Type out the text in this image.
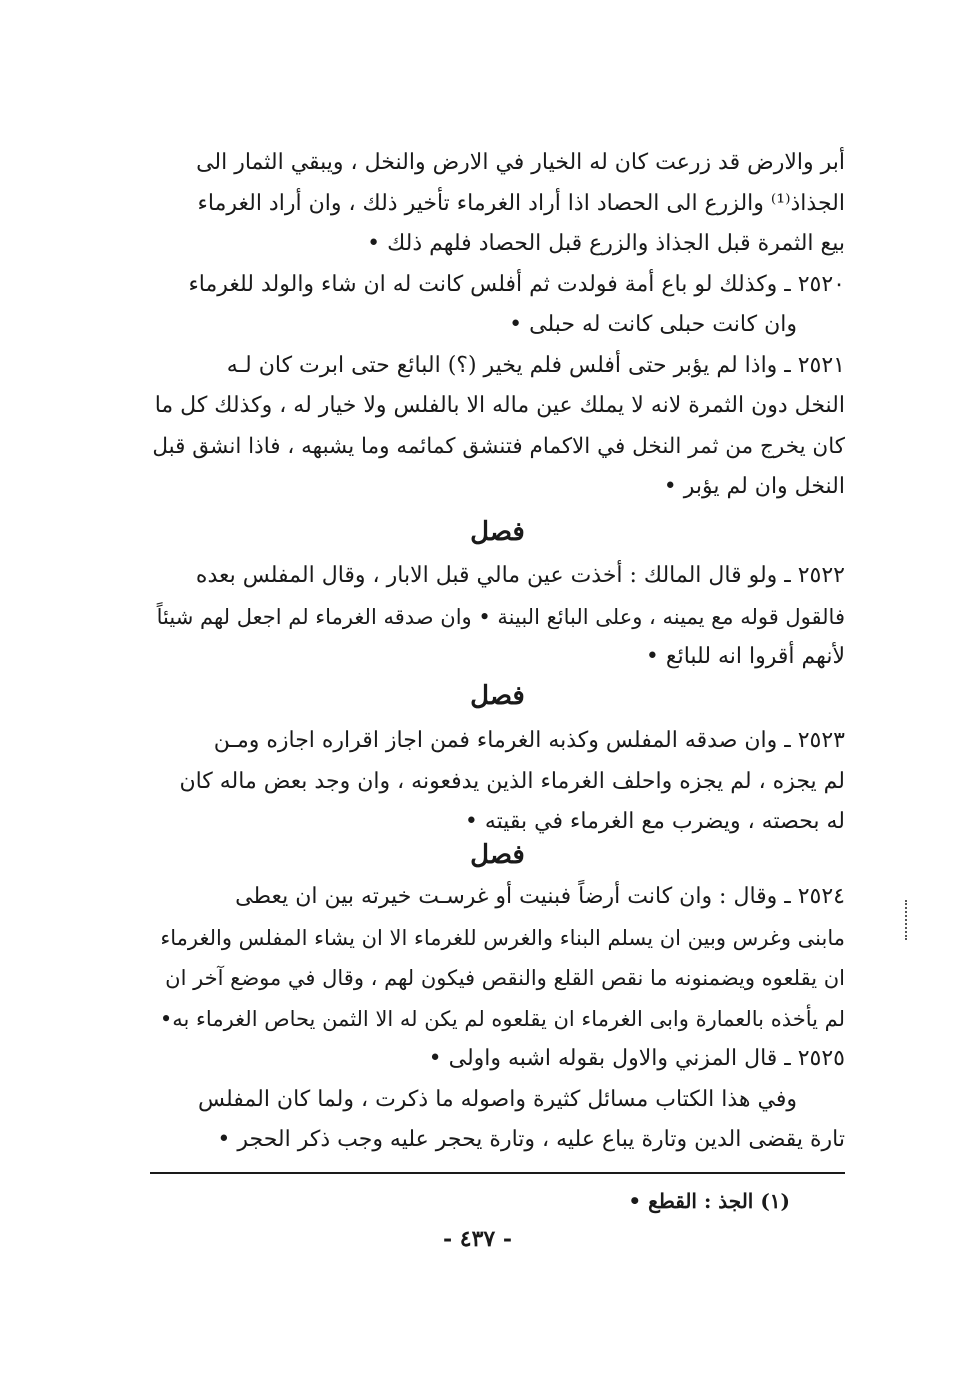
أبر والارض قد زرعت كان له الخيار في الارض والنخل ، ويبقي الثمار الى
الجذاذ⁽¹⁾ والزرع الى الحصاد اذا أراد الغرماء تأخير ذلك ، وان أراد الغرماء
بيع الثمرة قبل الجذاذ والزرع قبل الحصاد فلهم ذلك •
٢٥٢٠ ـ وكذلك لو باع أمة فولدت ثم أفلس كانت له ان شاء والولد للغرماء
وان كانت حبلى كانت له حبلى •
٢٥٢١ ـ واذا لم يؤبر حتى أفلس فلم يخير (؟) البائع حتى ابرت كان لـه
النخل دون الثمرة لانه لا يملك عين ماله الا بالفلس ولا خيار له ، وكذلك كل ما
كان يخرج من ثمر النخل في الاكمام فتنشق كمائمه وما يشبهه ، فاذا انشق قبل
النخل وان لم يؤبر •
فصل
٢٥٢٢ ـ ولو قال المالك : أخذت عين مالي قبل الابار ، وقال المفلس بعده
فالقول قوله مع يمينه ، وعلى البائع البينة • وان صدقه الغرماء لم اجعل لهم شيئاً
لأنهم أقروا انه للبائع •
فصل
٢٥٢٣ ـ وان صدقه المفلس وكذبه الغرماء فمن اجاز اقراره اجازه ومـن
لم يجزه ، لم يجزه واحلف الغرماء الذين يدفعونه ، وان وجد بعض ماله كان
له بحصته ، ويضرب مع الغرماء في بقيته •
فصل
٢٥٢٤ ـ وقال : وان كانت أرضاً فبنيت أو غرسـت خيرته بين ان يعطى
مابنى وغرس وبين ان يسلم البناء والغرس للغرماء الا ان يشاء المفلس والغرماء
ان يقلعوه ويضمنونه ما نقص القلع والنقص فيكون لهم ، وقال في موضع آخر ان
لم يأخذه بالعمارة وابى الغرماء ان يقلعوه لم يكن له الا الثمن يحاص الغرماء به•
٢٥٢٥ ـ قال المزني والاول بقوله اشبه واولى •
وفي هذا الكتاب مسائل كثيرة واصوله ما ذكرت ، ولما كان المفلس
تارة يقضى الدين وتارة يباع عليه ، وتارة يحجر عليه وجب ذكر الحجر •
(١) الجذ : القطع •
- ٤٣٧ -
